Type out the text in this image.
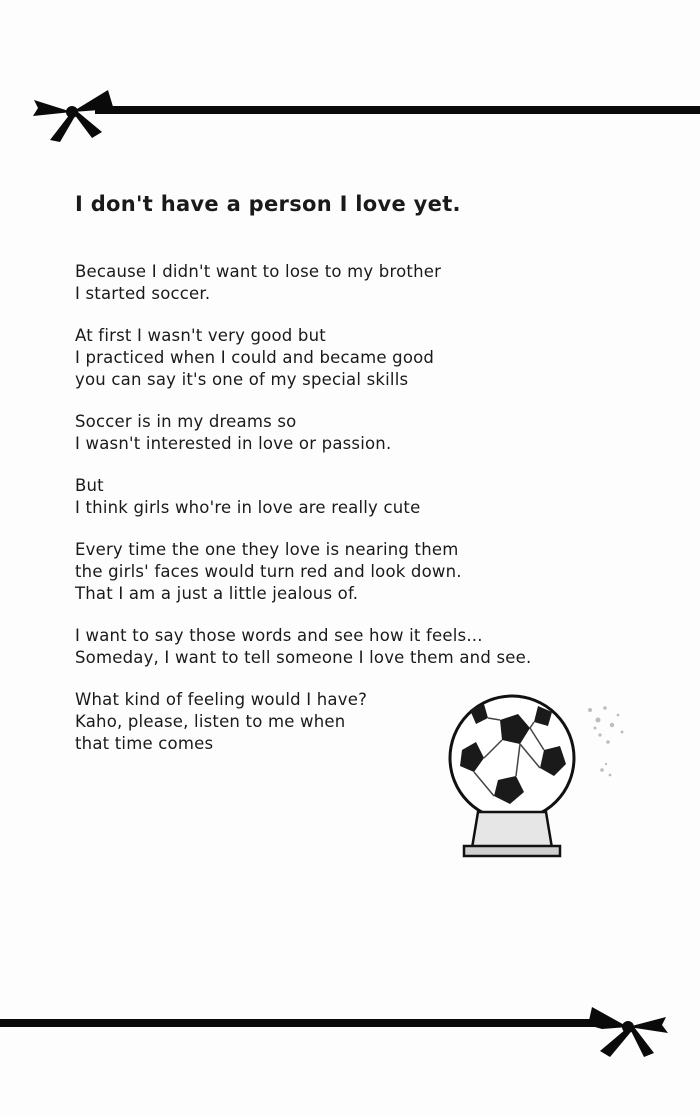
I don't have a person I love yet.

Because I didn't want to lose to my brother
I started soccer.

At first I wasn't very good but
I practiced when I could and became good
you can say it's one of my special skills

Soccer is in my dreams so
I wasn't interested in love or passion.

But
I think girls who're in love are really cute

Every time the one they love is nearing them
the girls' faces would turn red and look down.
That I am a just a little jealous of.

I want to say those words and see how it feels...
Someday, I want to tell someone I love them and see.

What kind of feeling would I have?
Kaho, please, listen to me when
that time comes
